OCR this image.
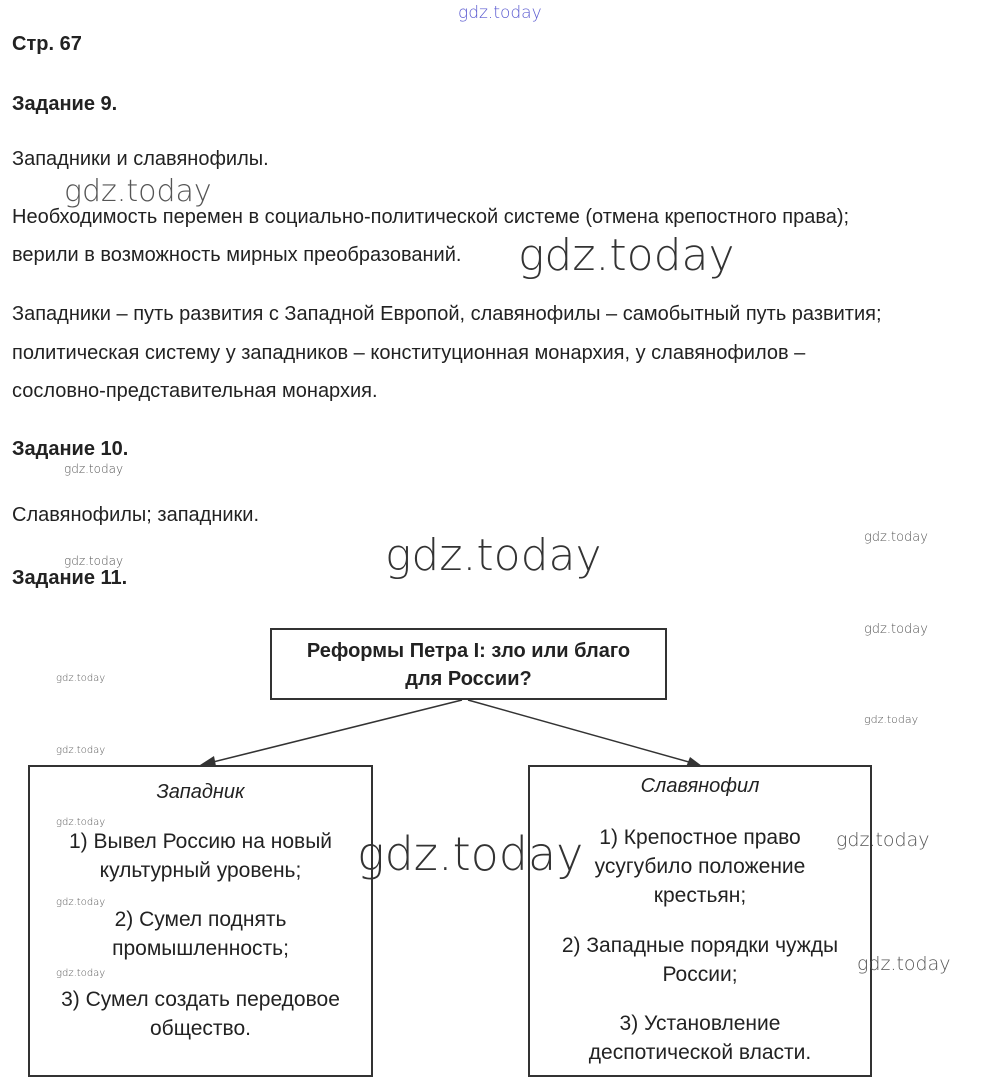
gdz.today
gdz.today
gdz.today
gdz.today
gdz.today	gdz.today
gdz.today
gdz.today
gdz.today
gdz.today
gdz.today
Стр. 67
Задание 9.
Западники и славянофилы.
Необходимость перемен в социально-политической системе (отмена крепостного права);
верили в возможность мирных преобразований.
Западники – путь развития с Западной Европой, славянофилы – самобытный путь развития;
политическая систему у западников – конституционная монархия, у славянофилов –
сословно-представительная монархия.
Задание 10.
Славянофилы; западники.
Задание 11.
Реформы Петра I: зло или благо
для России?
Западник
1) Вывел Россию на новый культурный уровень;
2) Сумел поднять промышленность;
3) Сумел создать передовое общество.
Славянофил
1) Крепостное право усугубило положение крестьян;
2) Западные порядки чужды России;
3) Установление деспотической власти.
gdz.today
gdz.today	gdz.today
gdz.today
gdz.today
gdz.today
